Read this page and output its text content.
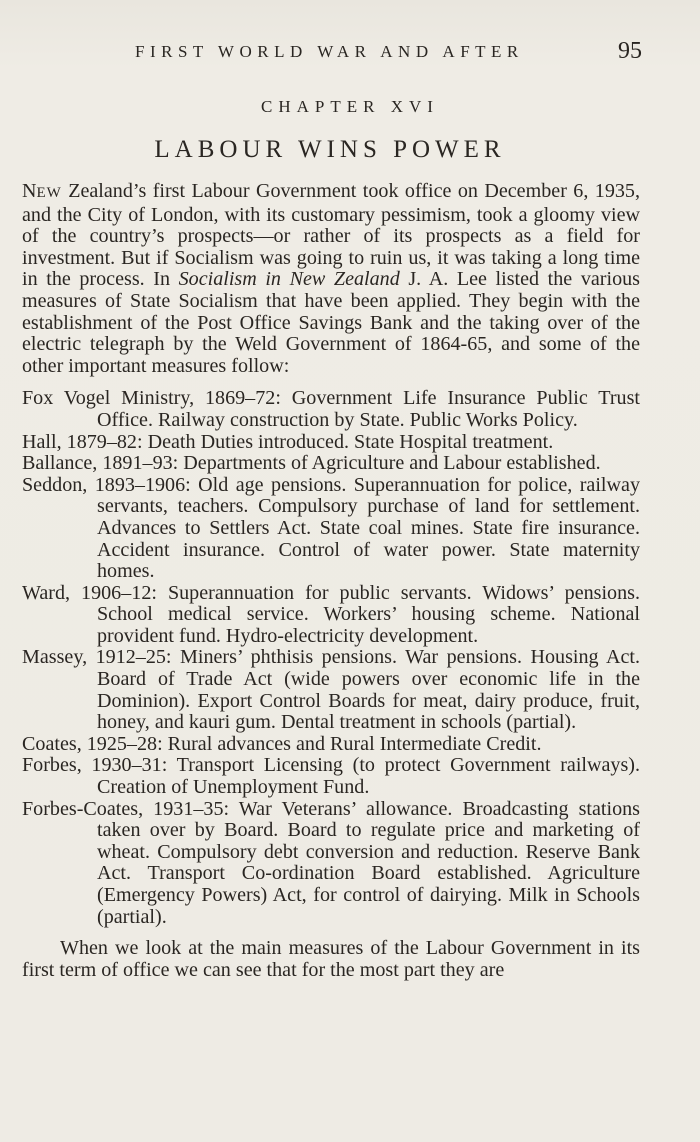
FIRST WORLD WAR AND AFTER	95
CHAPTER XVI
LABOUR WINS POWER

NEW Zealand’s first Labour Government took office on December 6, 1935, and the City of London, with its customary pessimism, took a gloomy view of the country’s prospects—or rather of its prospects as a field for investment. But if Socialism was going to ruin us, it was taking a long time in the process. In Socialism in New Zealand J. A. Lee listed the various measures of State Socialism that have been applied. They begin with the establishment of the Post Office Savings Bank and the taking over of the electric telegraph by the Weld Government of 1864-65, and some of the other important measures follow:

Fox Vogel Ministry, 1869–72: Government Life Insurance Public Trust Office. Railway construction by State. Public Works Policy.

Hall, 1879–82: Death Duties introduced. State Hospital treatment.

Ballance, 1891–93: Departments of Agriculture and Labour established.

Seddon, 1893–1906: Old age pensions. Superannuation for police, railway servants, teachers. Compulsory purchase of land for settlement. Advances to Settlers Act. State coal mines. State fire insurance. Accident insurance. Control of water power. State maternity homes.

Ward, 1906–12: Superannuation for public servants. Widows’ pensions. School medical service. Workers’ housing scheme. National provident fund. Hydro-electricity development.

Massey, 1912–25: Miners’ phthisis pensions. War pensions. Housing Act. Board of Trade Act (wide powers over economic life in the Dominion). Export Control Boards for meat, dairy produce, fruit, honey, and kauri gum. Dental treatment in schools (partial).

Coates, 1925–28: Rural advances and Rural Intermediate Credit.

Forbes, 1930–31: Transport Licensing (to protect Government railways). Creation of Unemployment Fund.

Forbes-Coates, 1931–35: War Veterans’ allowance. Broadcasting stations taken over by Board. Board to regulate price and marketing of wheat. Compulsory debt conversion and reduction. Reserve Bank Act. Transport Co-ordination Board established. Agriculture (Emergency Powers) Act, for control of dairying. Milk in Schools (partial).

When we look at the main measures of the Labour Government in its first term of office we can see that for the most part they are
